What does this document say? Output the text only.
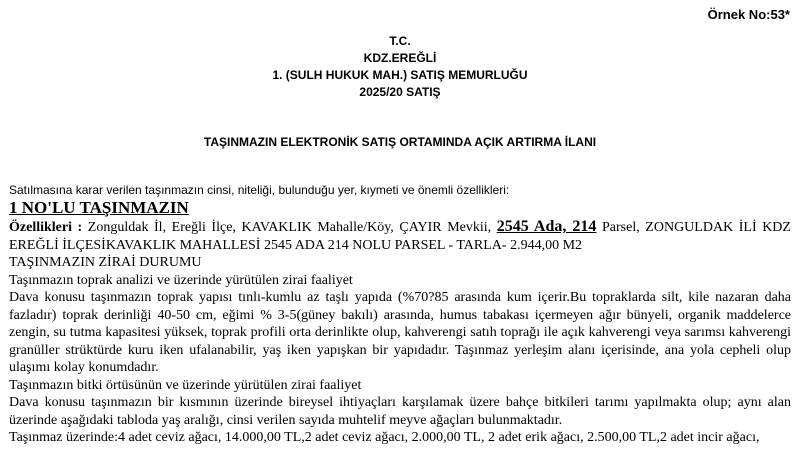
Örnek No:53*
T.C.
KDZ.EREĞLİ
1. (SULH HUKUK MAH.) SATIŞ MEMURLUĞU
2025/20 SATIŞ
TAŞINMAZIN ELEKTRONİK SATIŞ ORTAMINDA AÇIK ARTIRMA İLANI
Satılmasına karar verilen taşınmazın cinsi, niteliği, bulunduğu yer, kıymeti ve önemli özellikleri:
1 NO'LU TAŞINMAZIN

Özellikleri : Zonguldak İl, Ereğli İlçe, KAVAKLIK Mahalle/Köy, ÇAYIR Mevkii, 2545 Ada, 214 Parsel, ZONGULDAK İLİ KDZ EREĞLİ İLÇESİKAVAKLIK MAHALLESİ 2545 ADA 214 NOLU PARSEL - TARLA- 2.944,00 M2

TAŞINMAZIN ZİRAİ DURUMU

Taşınmazın toprak analizi ve üzerinde yürütülen zirai faaliyet

Dava konusu taşınmazın toprak yapısı tınlı-kumlu az taşlı yapıda (%70?85 arasında kum içerir.Bu topraklarda silt, kile nazaran daha fazladır) toprak derinliği 40-50 cm, eğimi % 3-5(güney bakılı) arasında, humus tabakası içermeyen ağır bünyeli, organik maddelerce zengin, su tutma kapasitesi yüksek, toprak profili orta derinlikte olup, kahverengi satıh toprağı ile açık kahverengi veya sarımsı kahverengi granüller strüktürde kuru iken ufalanabilir, yaş iken yapışkan bir yapıdadır. Taşınmaz yerleşim alanı içerisinde, ana yola cepheli olup ulaşımı kolay konumdadır.

Taşınmazın bitki örtüsünün ve üzerinde yürütülen zirai faaliyet

Dava konusu taşınmazın bir kısmının üzerinde bireysel ihtiyaçları karşılamak üzere bahçe bitkileri tarımı yapılmakta olup; aynı alan üzerinde aşağıdaki tabloda yaş aralığı, cinsi verilen sayıda muhtelif meyve ağaçları bulunmaktadır.

Taşınmaz üzerinde:4 adet ceviz ağacı, 14.000,00 TL,2 adet ceviz ağacı, 2.000,00 TL, 2 adet erik ağacı, 2.500,00 TL,2 adet incir ağacı,
